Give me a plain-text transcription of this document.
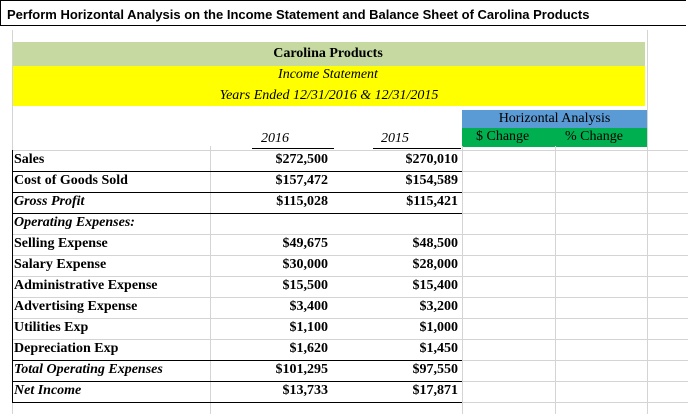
Perform Horizontal Analysis on the Income Statement and Balance Sheet of Carolina Products
Carolina Products
Income Statement
Years Ended 12/31/2016 & 12/31/2015
Horizontal Analysis
$ Change	% Change
2016	2015
Sales
Cost of Goods Sold
Gross Profit
Operating Expenses:
Selling Expense
Salary Expense
Administrative Expense
Advertising Expense
Utilities Exp
Depreciation Exp
Total Operating Expenses
Net Income
$272,500
$157,472
$115,028
$49,675
$30,000
$15,500
$3,400
$1,100
$1,620
$101,295
$13,733
$270,010
$154,589
$115,421
$48,500
$28,000
$15,400
$3,200
$1,000
$1,450
$97,550
$17,871
